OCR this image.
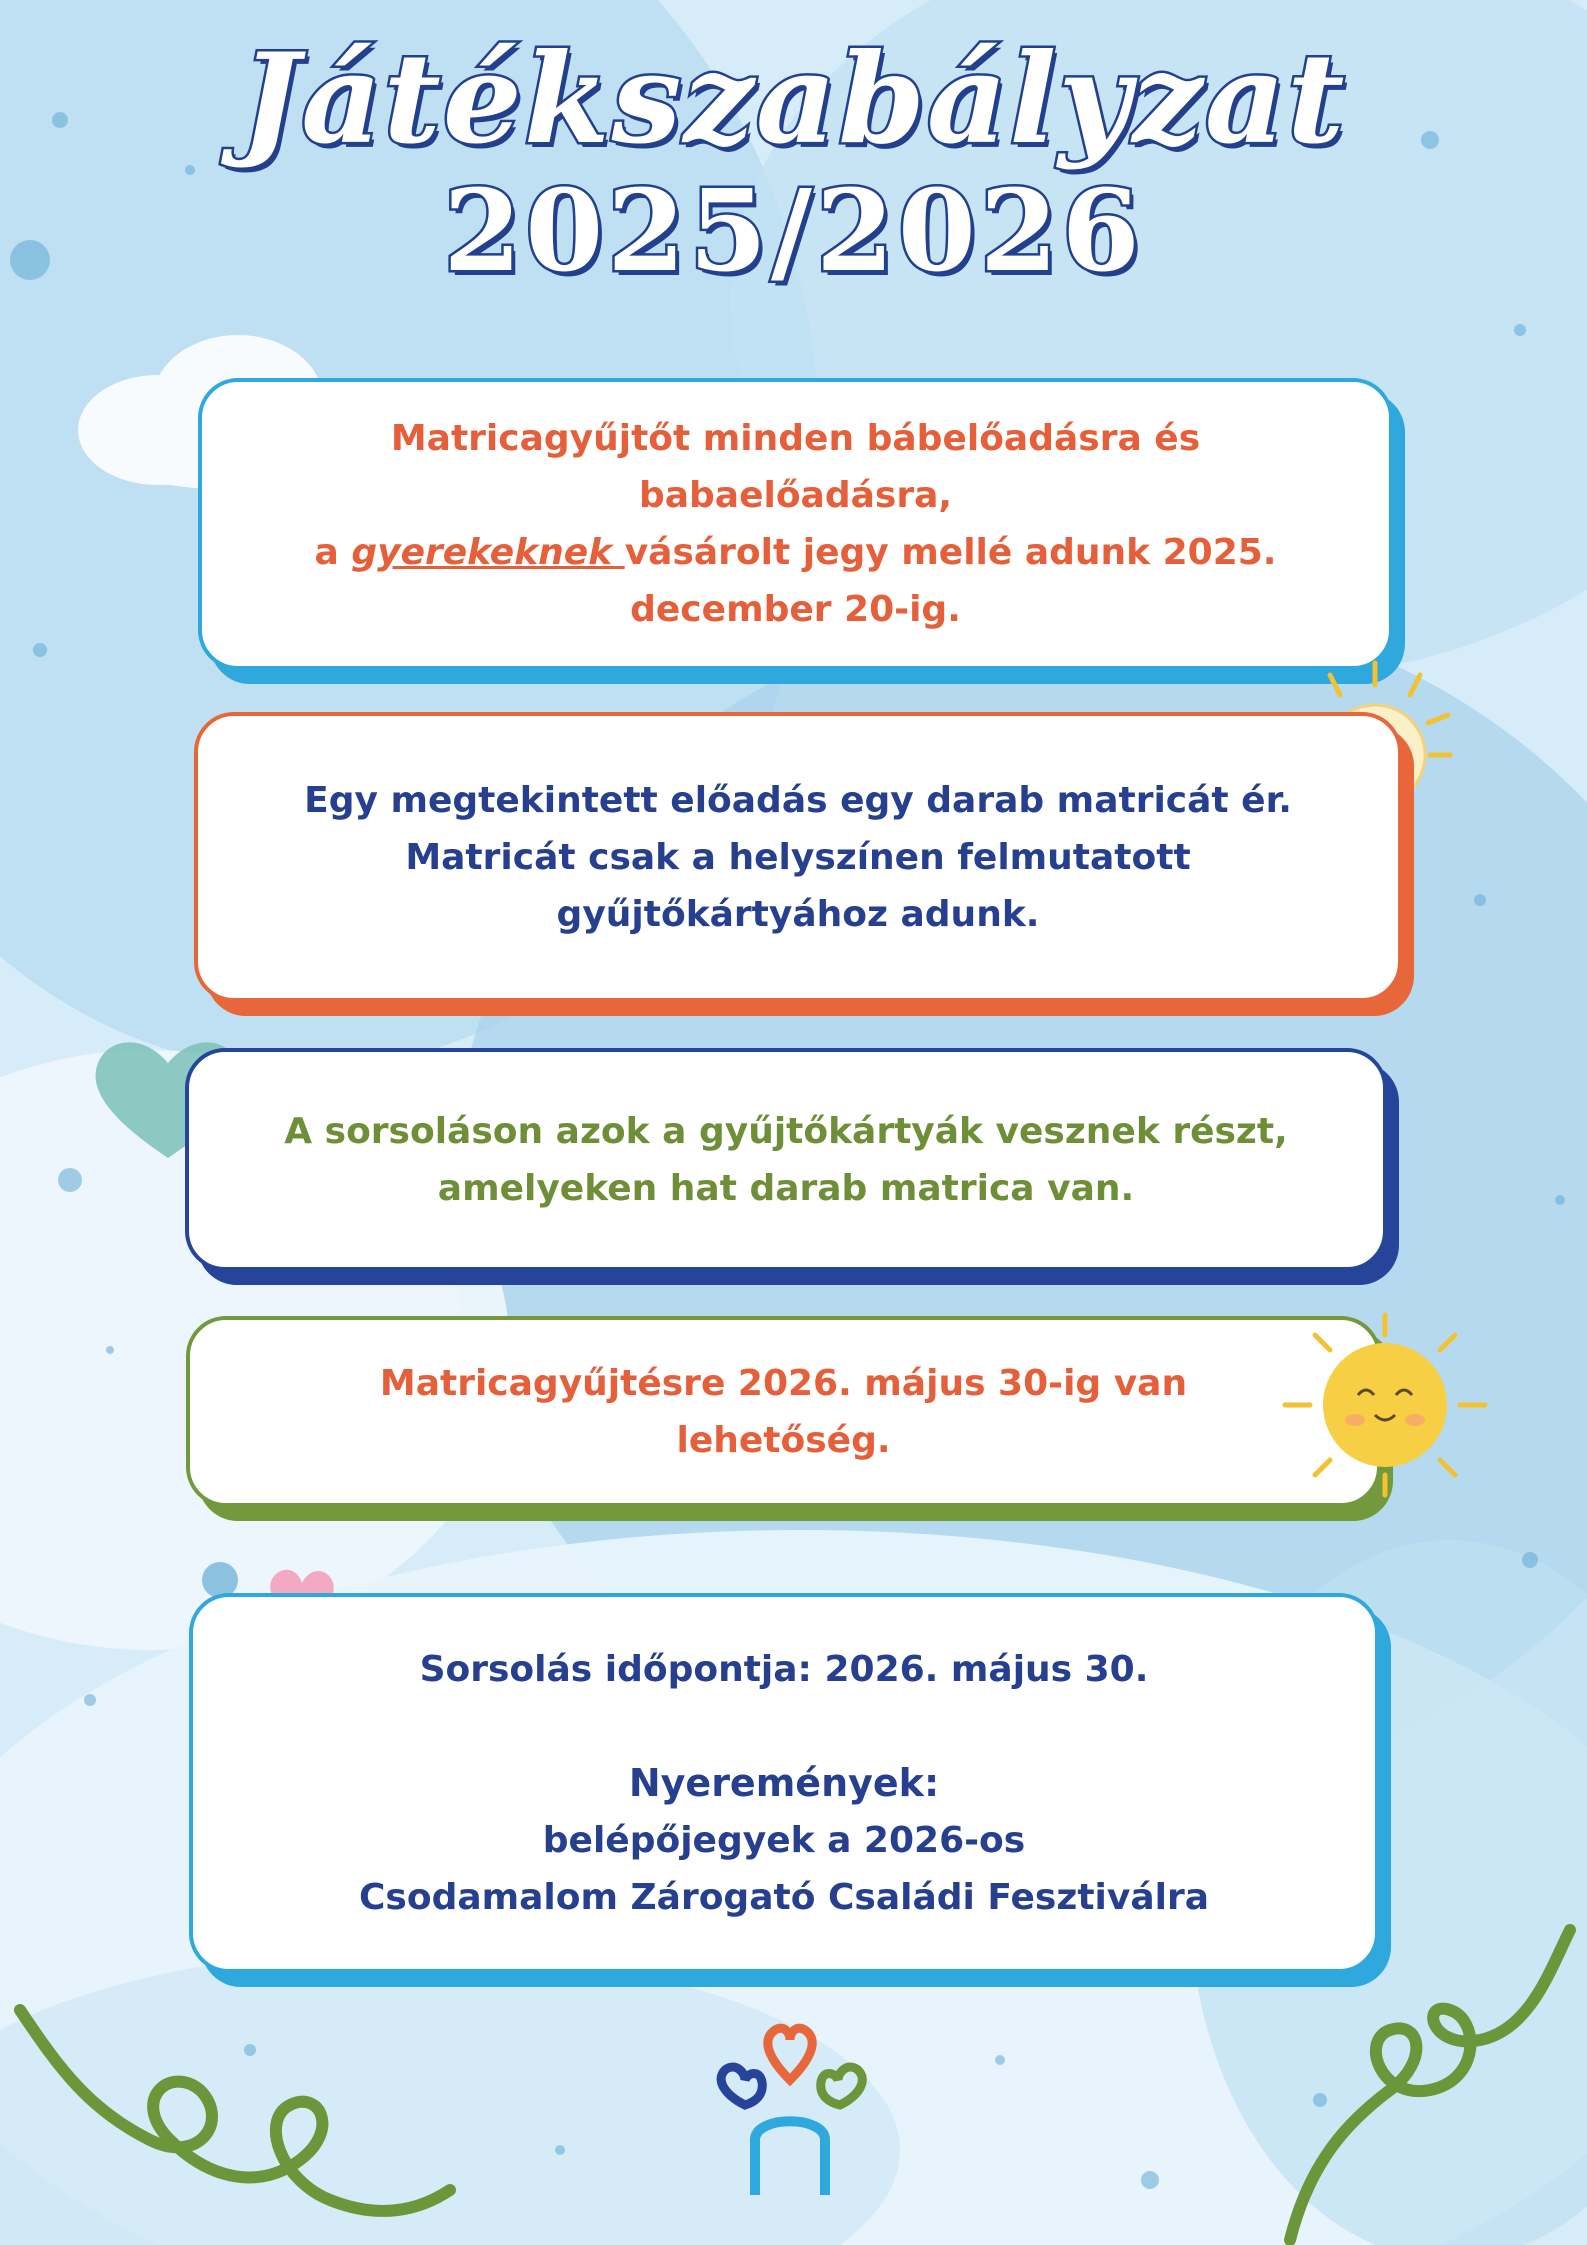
Játékszabályzat
2025/2026
Matricagyűjtőt minden bábelőadásra és
babaelőadásra,
a gyerekeknek vásárolt jegy mellé adunk 2025.
december 20-ig.
Egy megtekintett előadás egy darab matricát ér.
Matricát csak a helyszínen felmutatott
gyűjtőkártyához adunk.
A sorsoláson azok a gyűjtőkártyák vesznek részt,
amelyeken hat darab matrica van.
Matricagyűjtésre 2026. május 30-ig van
lehetőség.
Sorsolás időpontja: 2026. május 30.
Nyeremények:
belépőjegyek a 2026-os
Csodamalom Zárogató Családi Fesztiválra
